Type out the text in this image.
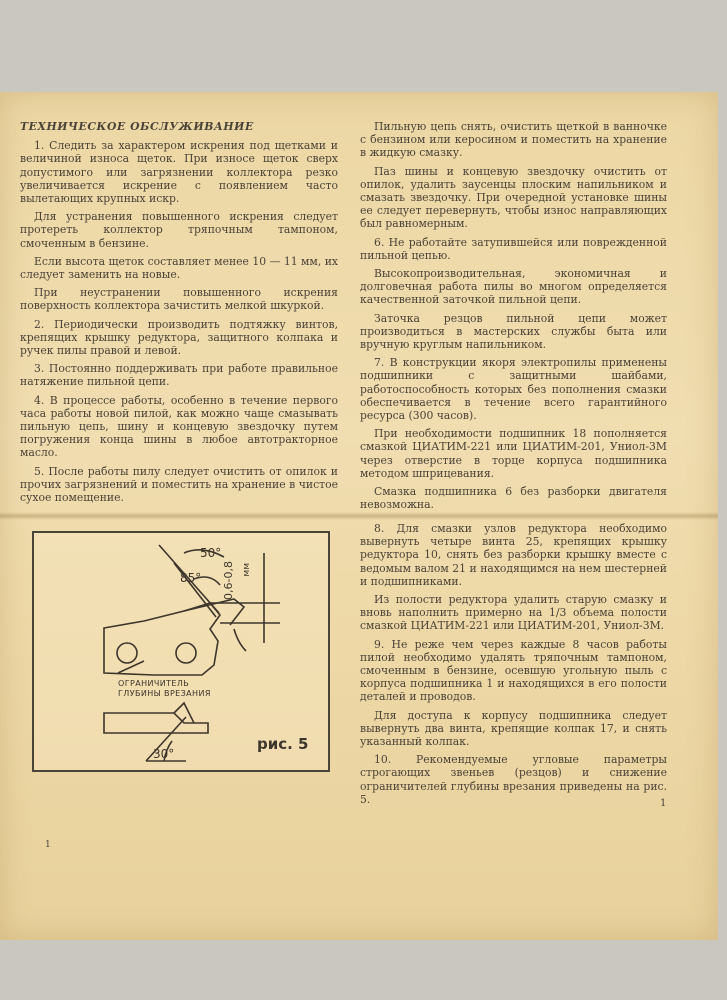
ТЕХНИЧЕСКОЕ ОБСЛУЖИВАНИЕ

1. Следить за характером искрения под щетками и величиной износа щеток. При износе щеток сверх допустимого или загрязнении коллектора резко увеличивается искрение с появлением часто вылетающих крупных искр.

Для устранения повышенного искрения следует протереть коллектор тряпочным тампоном, смоченным в бензине.

Если высота щеток составляет менее 10 — 11 мм, их следует заменить на новые.

При неустранении повышенного искрения поверхность коллектора зачистить мелкой шкуркой.

2. Периодически производить подтяжку винтов, крепящих крышку редуктора, защитного колпака и ручек пилы правой и левой.

3. Постоянно поддерживать при работе правильное натяжение пильной цепи.

4. В процессе работы, особенно в течение первого часа работы новой пилой, как можно чаще смазывать пильную цепь, шину и концевую звездочку путем погружения конца шины в любое автотракторное масло.

5. После работы пилу следует очистить от опилок и прочих загрязнений и поместить на хранение в чистое сухое помещение.

Пильную цепь снять, очистить щеткой в ванночке с бензином или керосином и поместить на хранение в жидкую смазку.

Паз шины и концевую звездочку очистить от опилок, удалить заусенцы плоским напильником и смазать звездочку. При очередной установке шины ее следует перевернуть, чтобы износ направляющих был равномерным.

6. Не работайте затупившейся или поврежденной пильной цепью.

Высокопроизводительная, экономичная и долговечная работа пилы во многом определяется качественной заточкой пильной цепи.

Заточка резцов пильной цепи может производиться в мастерских службы быта или вручную круглым напильником.

7. В конструкции якоря электропилы применены подшипники с защитными шайбами, работоспособность которых без пополнения смазки обеспечивается в течение всего гарантийного ресурса (300 часов).

При необходимости подшипник 18 пополняется смазкой ЦИАТИМ-221 или ЦИАТИМ-201, Униол-3М через отверстие в торце корпуса подшипника методом шприцевания.

Смазка подшипника 6 без разборки двигателя невозможна.

50°
85° 0,6-0,8 мм
ОГРАНИЧИТЕЛЬ
ГЛУБИНЫ ВРЕЗАНИЯ
30°
рис. 5

8. Для смазки узлов редуктора необходимо вывернуть четыре винта 25, крепящих крышку редуктора 10, снять без разборки крышку вместе с ведомым валом 21 и находящимся на нем шестерней и подшипниками.

Из полости редуктора удалить старую смазку и вновь наполнить примерно на 1/3 объема полости смазкой ЦИАТИМ-221 или ЦИАТИМ-201, Униол-3М.

9. Не реже чем через каждые 8 часов работы пилой необходимо удалять тряпочным тампоном, смоченным в бензине, осевшую угольную пыль с корпуса подшипника 1 и находящихся в его полости деталей и проводов.

Для доступа к корпусу подшипника следует вывернуть два винта, крепящие колпак 17, и снять указанный колпак.

10. Рекомендуемые угловые параметры строгающих звеньев (резцов) и снижение ограничителей глубины врезания приведены на рис. 5.

1
1
